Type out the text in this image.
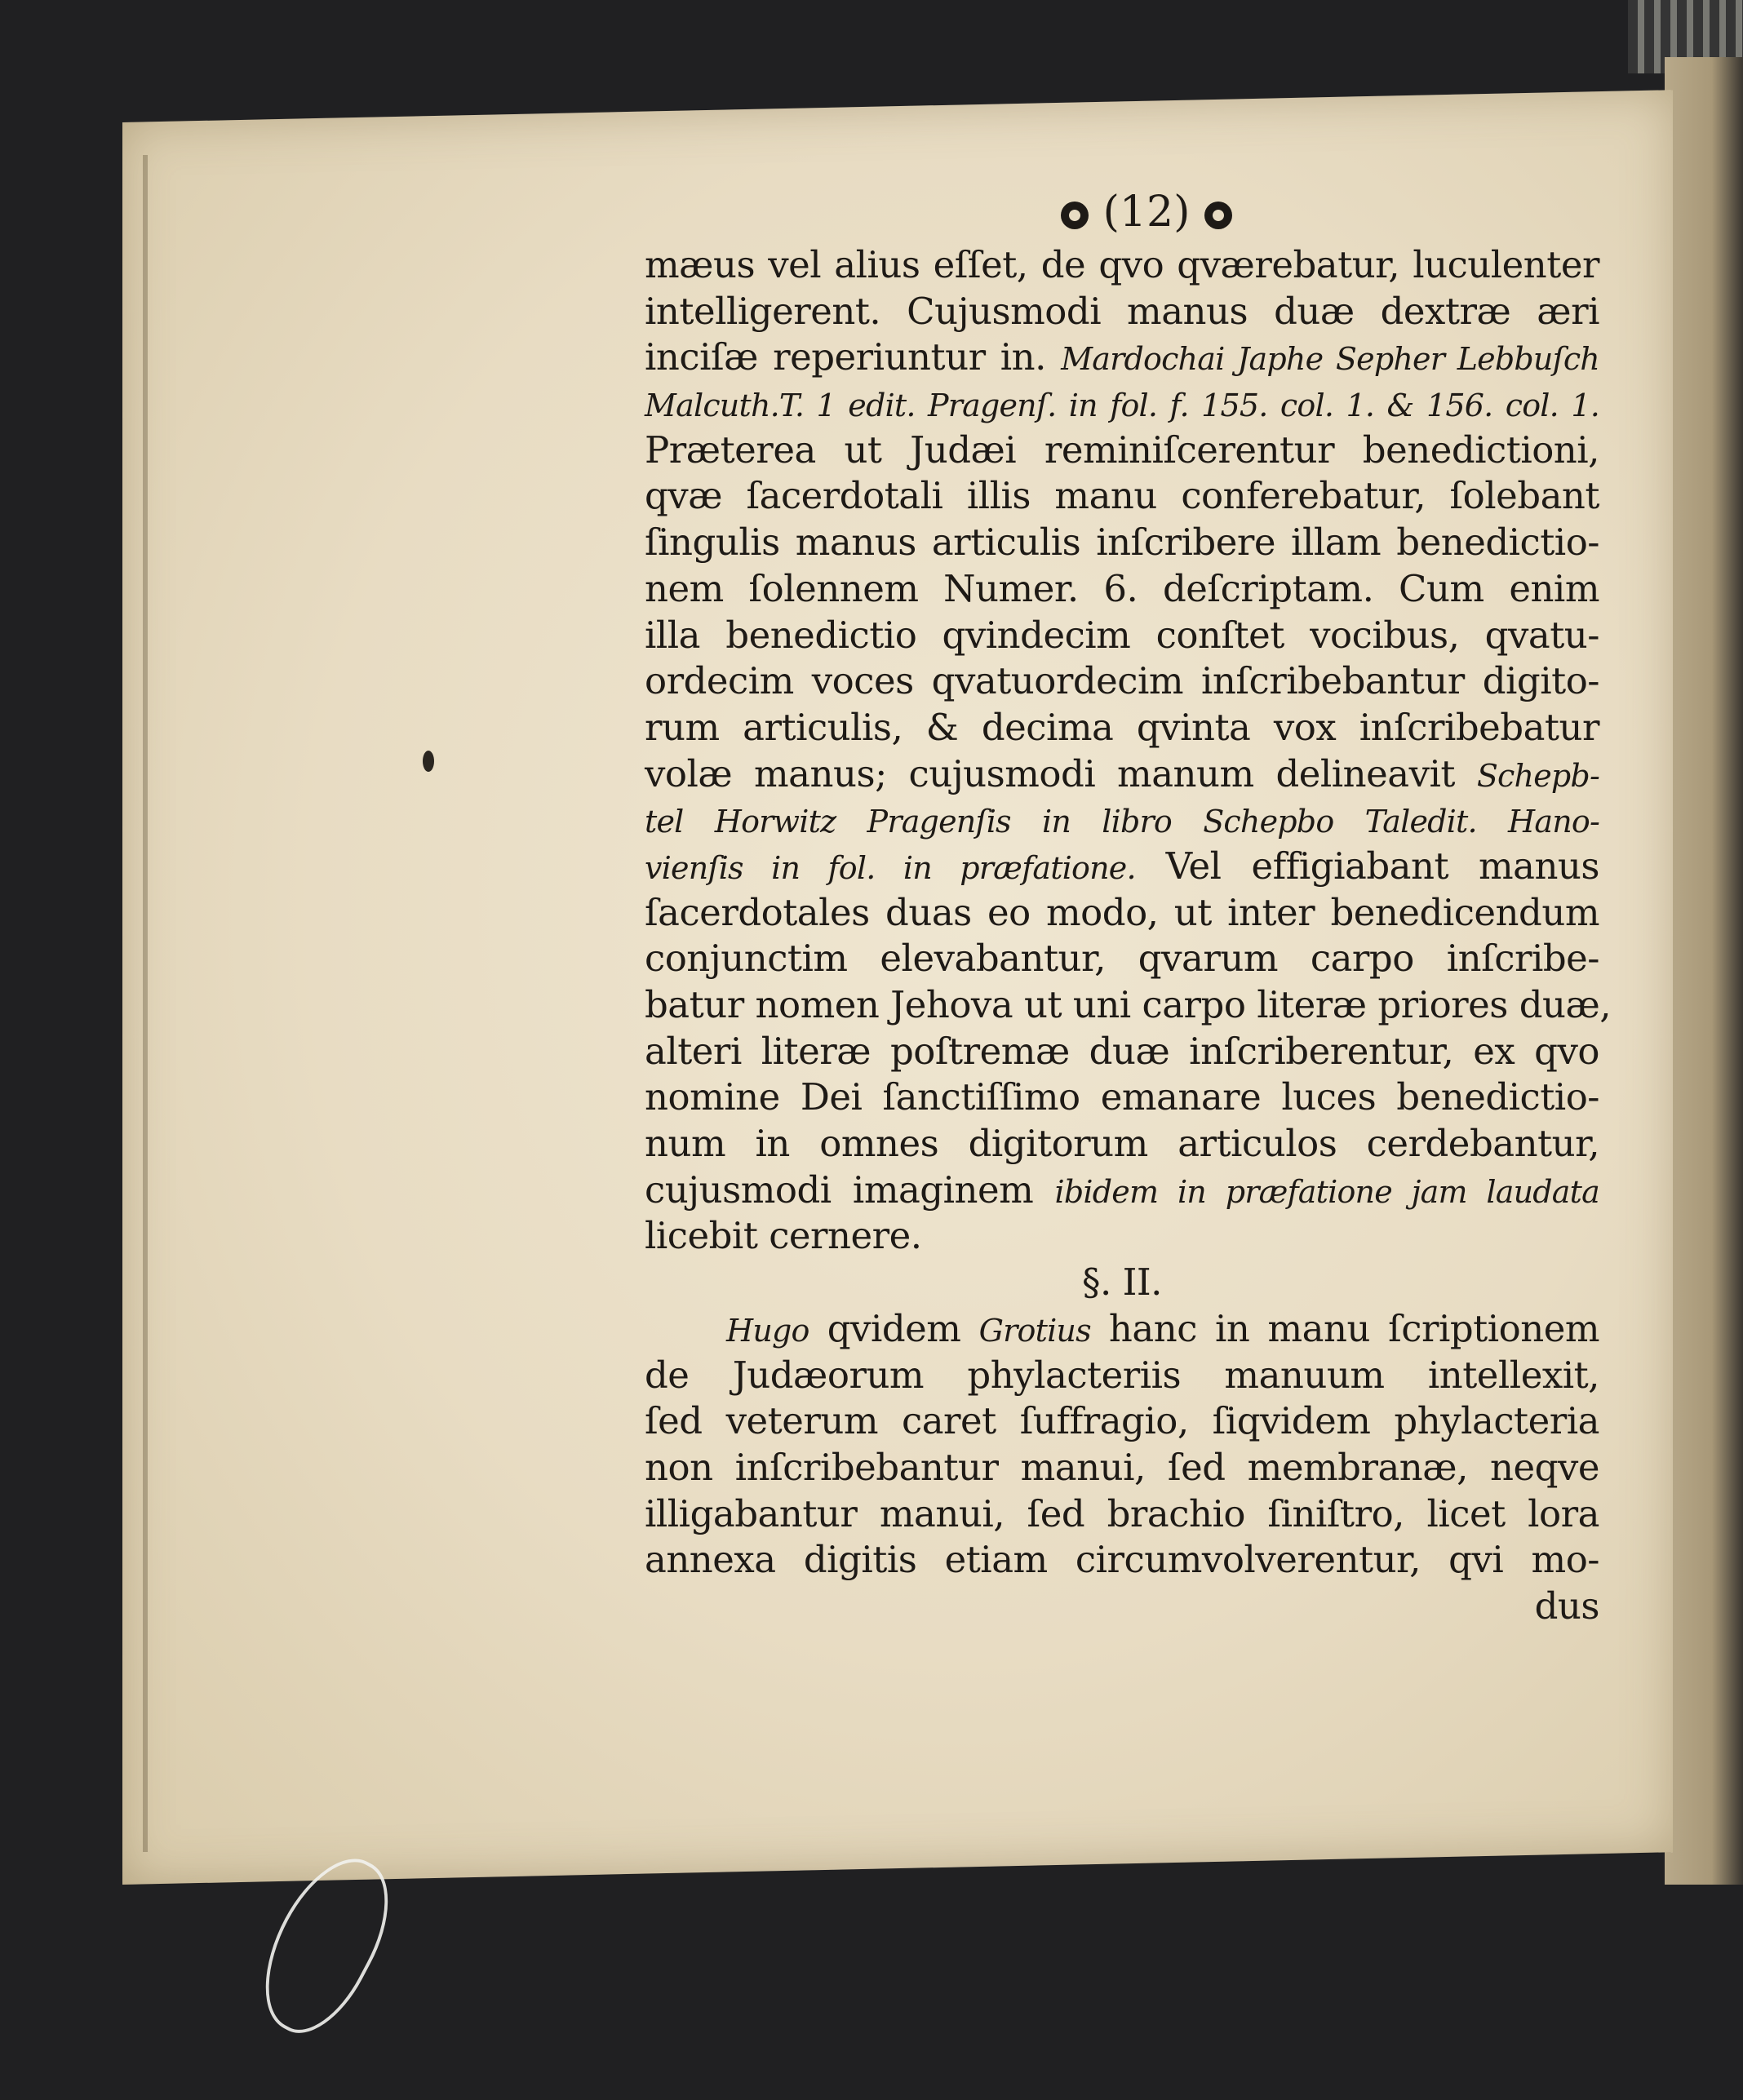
(12)
mæus vel alius eſſet, de qvo qværebatur, luculenter
intelligerent. Cujusmodi manus duæ dextræ æri
inciſæ reperiuntur in. Mardochai Japhe Sepher Lebbuſch
Malcuth.T. 1 edit. Pragenſ. in fol. f. 155. col. 1. & 156. col. 1.
Præterea ut Judæi reminiſcerentur benedictioni,
qvæ ſacerdotali illis manu conferebatur, ſolebant
ſingulis manus articulis inſcribere illam benedictio-
nem ſolennem Numer. 6. deſcriptam. Cum enim
illa benedictio qvindecim conſtet vocibus, qvatu-
ordecim voces qvatuordecim inſcribebantur digito-
rum articulis, & decima qvinta vox inſcribebatur
volæ manus; cujusmodi manum delineavit Schepb-
tel Horwitz Pragenſis in libro Schepbo Taledit. Hano-
vienſis in fol. in præfatione. Vel effigiabant manus
ſacerdotales duas eo modo, ut inter benedicendum
conjunctim elevabantur, qvarum carpo inſcribe-
batur nomen Jehova ut uni carpo literæ priores duæ,
alteri literæ poſtremæ duæ inſcriberentur, ex qvo
nomine Dei ſanctiſſimo emanare luces benedictio-
num in omnes digitorum articulos cerdebantur,
cujusmodi imaginem ibidem in præfatione jam laudata
licebit cernere.
§. II.
Hugo qvidem Grotius hanc in manu ſcriptionem
de Judæorum phylacteriis manuum intellexit,
ſed veterum caret ſuffragio, ſiqvidem phylacteria
non inſcribebantur manui, ſed membranæ, neqve
illigabantur manui, ſed brachio ſiniſtro, licet lora
annexa digitis etiam circumvolverentur, qvi mo-
dus
